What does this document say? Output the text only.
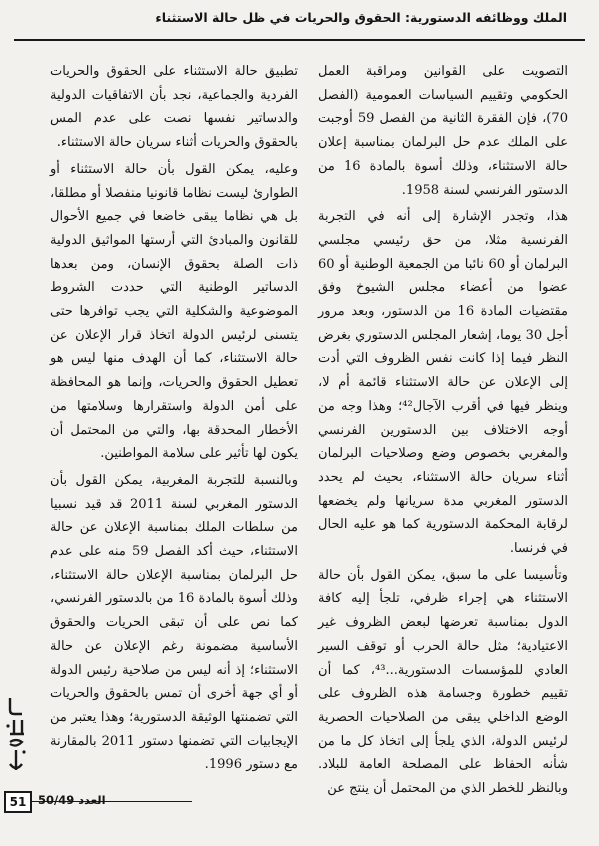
الملك ووظائفه الدستورية: الحقوق والحريات في ظل حالة الاستثناء

التصويت على القوانين ومراقبة العمل الحكومي وتقييم السياسات العمومية (الفصل 70)، فإن الفقرة الثانية من الفصل 59 أوجبت على الملك عدم حل البرلمان بمناسبة إعلان حالة الاستثناء، وذلك أسوة بالمادة 16 من الدستور الفرنسي لسنة 1958.

هذا، وتجدر الإشارة إلى أنه في التجربة الفرنسية مثلا، من حق رئيسي مجلسي البرلمان أو 60 نائبا من الجمعية الوطنية أو 60 عضوا من أعضاء مجلس الشيوخ وفق مقتضيات المادة 16 من الدستور، وبعد مرور أجل 30 يوما، إشعار المجلس الدستوري بغرض النظر فيما إذا كانت نفس الظروف التي أدت إلى الإعلان عن حالة الاستثناء قائمة أم لا، وينظر فيها في أقرب الآجال⁴²؛ وهذا وجه من أوجه الاختلاف بين الدستورين الفرنسي والمغربي بخصوص وضع وصلاحيات البرلمان أثناء سريان حالة الاستثناء، بحيث لم يحدد الدستور المغربي مدة سريانها ولم يخضعها لرقابة المحكمة الدستورية كما هو عليه الحال في فرنسا.

وتأسيسا على ما سبق، يمكن القول بأن حالة الاستثناء هي إجراء ظرفي، تلجأ إليه كافة الدول بمناسبة تعرضها لبعض الظروف غير الاعتيادية؛ مثل حالة الحرب أو توقف السير العادي للمؤسسات الدستورية...⁴³، كما أن تقييم خطورة وجسامة هذه الظروف على الوضع الداخلي يبقى من الصلاحيات الحصرية لرئيس الدولة، الذي يلجأ إلى اتخاذ كل ما من شأنه الحفاظ على المصلحة العامة للبلاد. وبالنظر للخطر الذي من المحتمل أن ينتج عن

تطبيق حالة الاستثناء على الحقوق والحريات الفردية والجماعية، نجد بأن الاتفاقيات الدولية والدساتير نفسها نصت على عدم المس بالحقوق والحريات أثناء سريان حالة الاستثناء.

وعليه، يمكن القول بأن حالة الاستثناء أو الطوارئ ليست نظاما قانونيا منفصلا أو مطلقا، بل هي نظاما يبقى خاضعا في جميع الأحوال للقانون والمبادئ التي أرستها المواثيق الدولية ذات الصلة بحقوق الإنسان، ومن بعدها الدساتير الوطنية التي حددت الشروط الموضوعية والشكلية التي يجب توافرها حتى يتسنى لرئيس الدولة اتخاذ قرار الإعلان عن حالة الاستثناء، كما أن الهدف منها ليس هو تعطيل الحقوق والحريات، وإنما هو المحافظة على أمن الدولة واستقرارها وسلامتها من الأخطار المحدقة بها، والتي من المحتمل أن يكون لها تأثير على سلامة المواطنين.

وبالنسبة للتجربة المغربية، يمكن القول بأن الدستور المغربي لسنة 2011 قد قيد نسبيا من سلطات الملك بمناسبة الإعلان عن حالة الاستثناء، حيث أكد الفصل 59 منه على عدم حل البرلمان بمناسبة الإعلان حالة الاستثناء، وذلك أسوة بالمادة 16 من بالدستور الفرنسي، كما نص على أن تبقى الحريات والحقوق الأساسية مضمونة رغم الإعلان عن حالة الاستثناء؛ إذ أنه ليس من صلاحية رئيس الدولة أو أي جهة أخرى أن تمس بالحقوق والحريات التي تضمنتها الوثيقة الدستورية؛ وهذا يعتبر من الإيجابيات التي تضمنها دستور 2011 بالمقارنة مع دستور 1996.

51	العدد 50/49
